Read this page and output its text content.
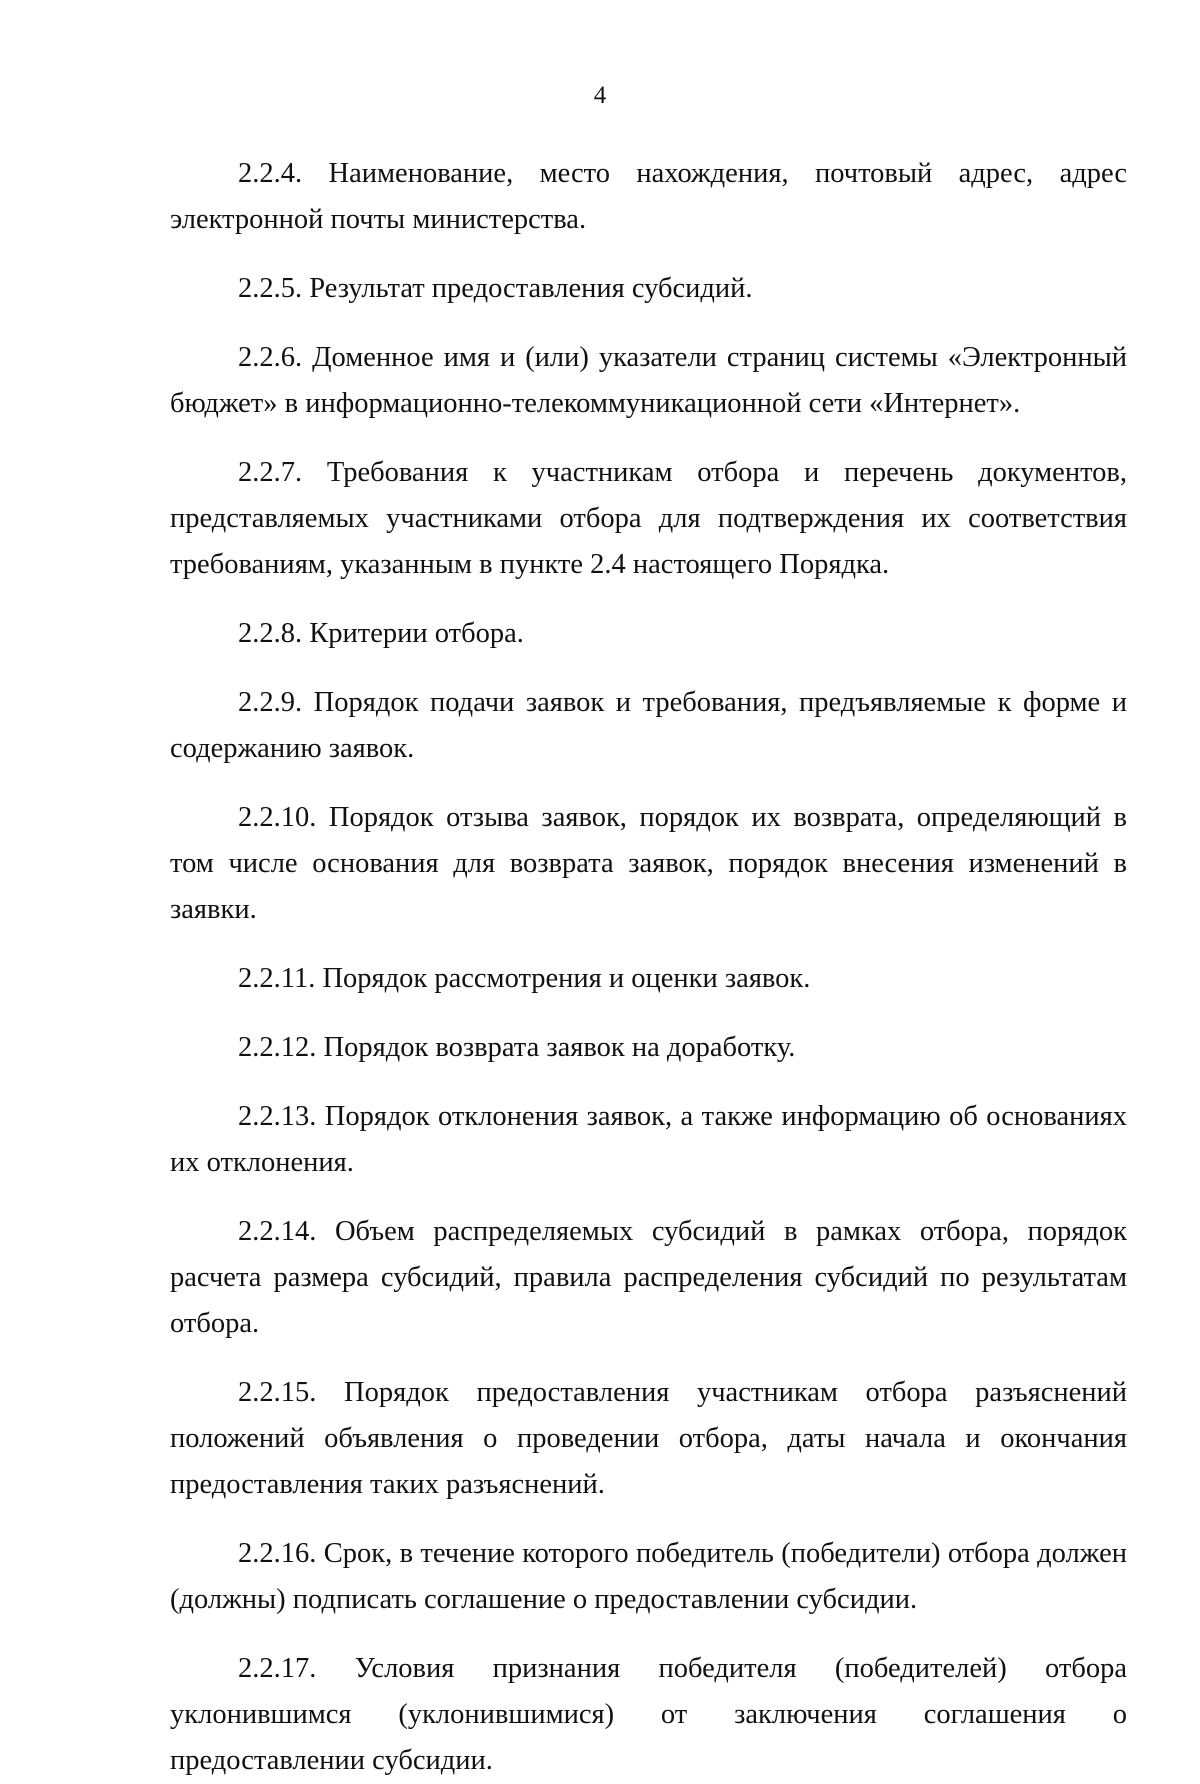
4

2.2.4. Наименование, место нахождения, почтовый адрес, адрес электронной почты министерства.

2.2.5. Результат предоставления субсидий.

2.2.6. Доменное имя и (или) указатели страниц системы «Электронный бюджет» в информационно-телекоммуникационной сети «Интернет».

2.2.7. Требования к участникам отбора и перечень документов, представляемых участниками отбора для подтверждения их соответствия требованиям, указанным в пункте 2.4 настоящего Порядка.

2.2.8. Критерии отбора.

2.2.9. Порядок подачи заявок и требования, предъявляемые к форме и содержанию заявок.

2.2.10. Порядок отзыва заявок, порядок их возврата, определяющий в том числе основания для возврата заявок, порядок внесения изменений в заявки.

2.2.11. Порядок рассмотрения и оценки заявок.

2.2.12. Порядок возврата заявок на доработку.

2.2.13. Порядок отклонения заявок, а также информацию об основаниях их отклонения.

2.2.14. Объем распределяемых субсидий в рамках отбора, порядок расчета размера субсидий, правила распределения субсидий по результатам отбора.

2.2.15. Порядок предоставления участникам отбора разъяснений положений объявления о проведении отбора, даты начала и окончания предоставления таких разъяснений.

2.2.16. Срок, в течение которого победитель (победители) отбора должен (должны) подписать соглашение о предоставлении субсидии.

2.2.17. Условия признания победителя (победителей) отбора уклонившимся (уклонившимися) от заключения соглашения о предоставлении субсидии.
